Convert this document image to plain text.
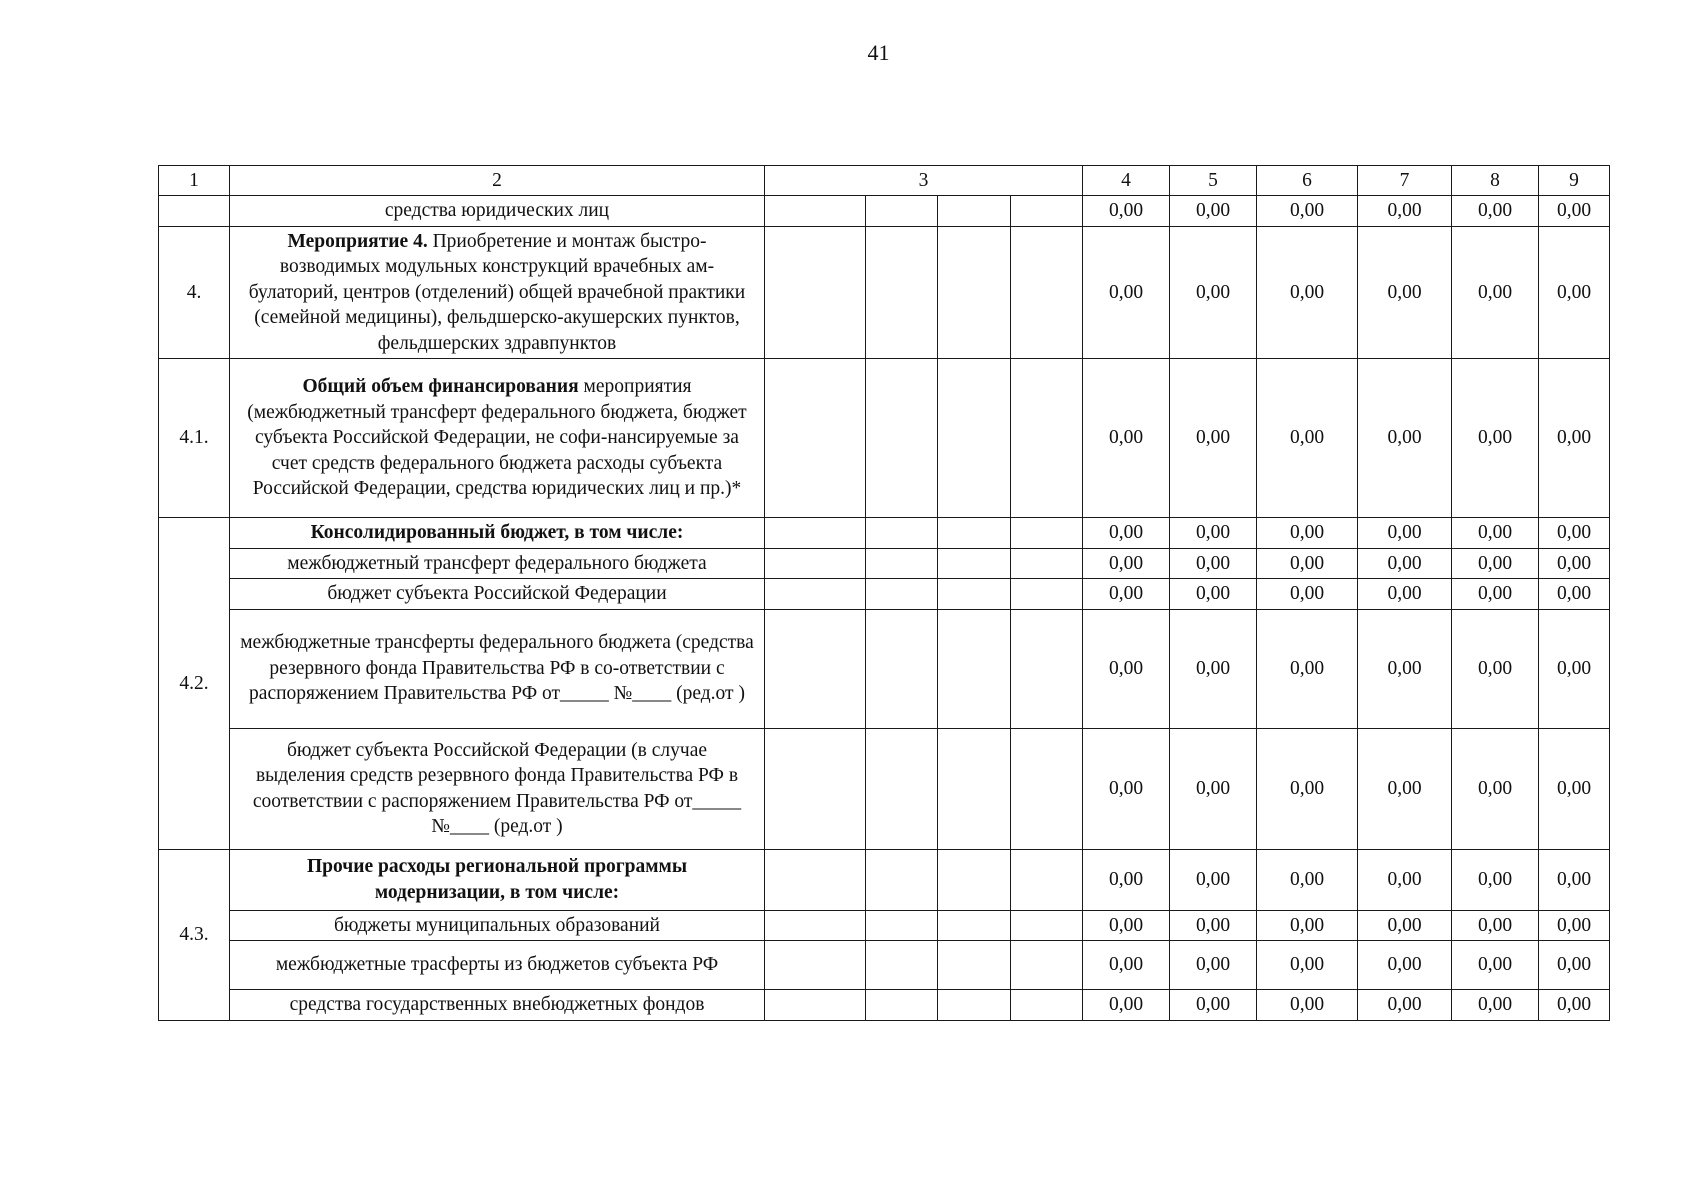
41
1	2	3				4	5	6	7	8	9
	средства юридических лиц					0,00	0,00	0,00	0,00	0,00	0,00
4.	Мероприятие 4. Приобретение и монтаж быстро-возводимых модульных конструкций врачебных ам-булаторий, центров (отделений) общей врачебной практики (семейной медицины), фельдшерско-акушерских пунктов, фельдшерских здравпунктов					0,00	0,00	0,00	0,00	0,00	0,00
4.1.	Общий объем финансирования мероприятия (межбюджетный трансферт федерального бюджета, бюджет субъекта Российской Федерации, не софи-нансируемые за счет средств федерального бюджета расходы субъекта Российской Федерации, средства юридических лиц и пр.)*					0,00	0,00	0,00	0,00	0,00	0,00
4.2.	Консолидированный бюджет, в том числе:					0,00	0,00	0,00	0,00	0,00	0,00
	межбюджетный трансферт федерального бюджета					0,00	0,00	0,00	0,00	0,00	0,00
	бюджет субъекта Российской Федерации					0,00	0,00	0,00	0,00	0,00	0,00
	межбюджетные трансферты федерального бюджета (средства резервного фонда Правительства РФ в со-ответствии с распоряжением Правительства РФ от_____ №____ (ред.от )					0,00	0,00	0,00	0,00	0,00	0,00
	бюджет субъекта Российской Федерации (в случае выделения средств резервного фонда Правительства РФ в соответствии с распоряжением Правительства РФ от_____ №____ (ред.от )					0,00	0,00	0,00	0,00	0,00	0,00
4.3.	Прочие расходы региональной программы модернизации, в том числе:					0,00	0,00	0,00	0,00	0,00	0,00
	бюджеты муниципальных образований					0,00	0,00	0,00	0,00	0,00	0,00
	межбюджетные трасферты из бюджетов субъекта РФ					0,00	0,00	0,00	0,00	0,00	0,00
	средства государственных внебюджетных фондов					0,00	0,00	0,00	0,00	0,00	0,00
